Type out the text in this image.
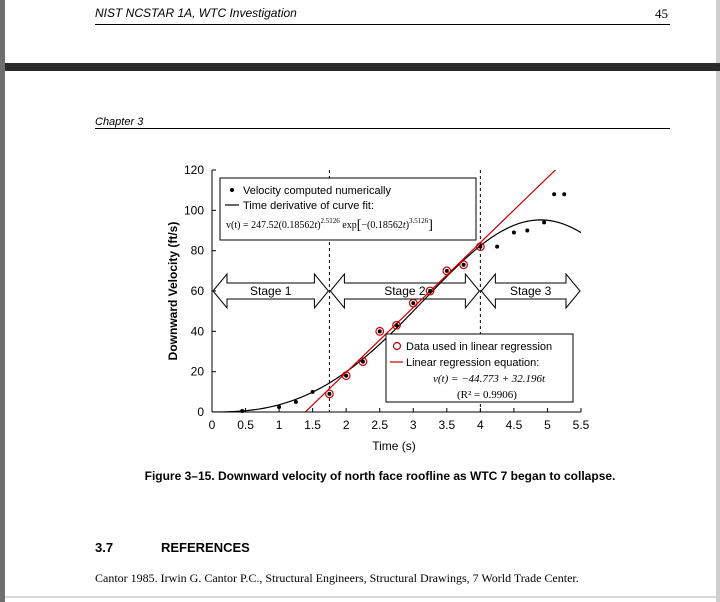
NIST NCSTAR 1A, WTC Investigation	45
Chapter 3
Stage 1	Stage 2	Stage 3
0 0.5 1 1.5 2 2.5 3 3.5 4 4.5 5 5.5
0
20
40
60
80
100
120
Time (s)
Downward Velocity (ft/s)
Velocity computed numerically
Time derivative of curve fit:
$v(t) = 247.52(0.18562t)^{2.5126}$ $\exp[-(0.18562t)^{3.5126}]$
Data used in linear regression
Linear regression equation:
v(t) = −44.773 + 32.196t
(R² = 0.9906)
Figure 3–15. Downward velocity of north face roofline as WTC 7 began to collapse.
3.7	REFERENCES
Cantor 1985. Irwin G. Cantor P.C., Structural Engineers, Structural Drawings, 7 World Trade Center.
